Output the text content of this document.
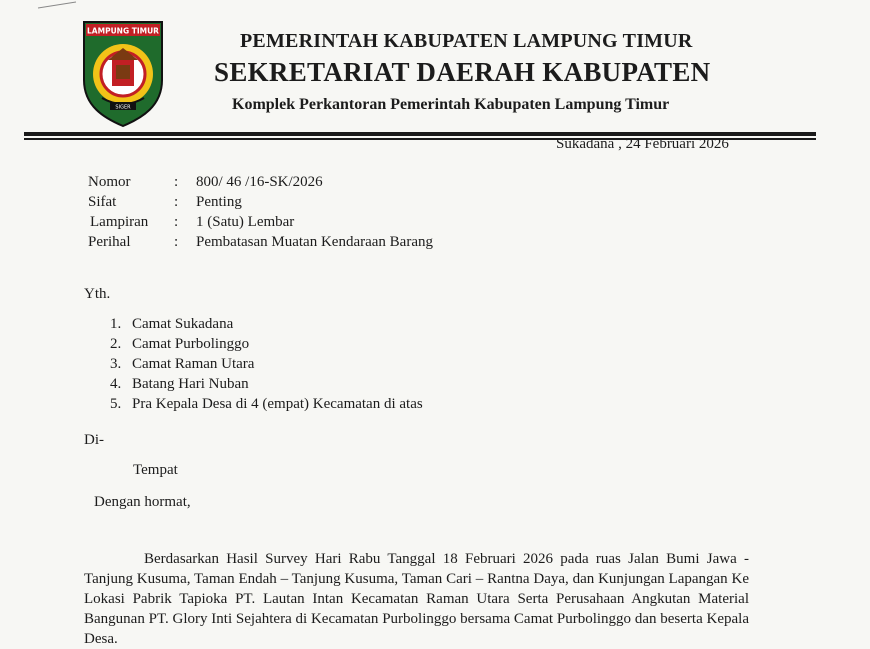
LAMPUNG TIMUR
SIGER
PEMERINTAH KABUPATEN LAMPUNG TIMUR
SEKRETARIAT DAERAH KABUPATEN
Komplek Perkantoran Pemerintah Kabupaten Lampung Timur
Sukadana , 24 Februari 2026
Nomor	: 800/ 46 /16-SK/2026
Sifat	: Penting
Lampiran : 1 (Satu) Lembar
Perihal	: Pembatasan Muatan Kendaraan Barang
Yth.
1. Camat Sukadana
2. Camat Purbolinggo
3. Camat Raman Utara
4. Batang Hari Nuban
5. Pra Kepala Desa di 4 (empat) Kecamatan di atas
Di-
Tempat
Dengan hormat,

Berdasarkan Hasil Survey Hari Rabu Tanggal 18 Februari 2026 pada ruas Jalan Bumi Jawa - Tanjung Kusuma, Taman Endah – Tanjung Kusuma, Taman Cari – Rantna Daya, dan Kunjungan Lapangan Ke Lokasi Pabrik Tapioka PT. Lautan Intan Kecamatan Raman Utara Serta Perusahaan Angkutan Material Bangunan PT. Glory Inti Sejahtera di Kecamatan Purbolinggo bersama Camat Purbolinggo dan beserta Kepala Desa.
